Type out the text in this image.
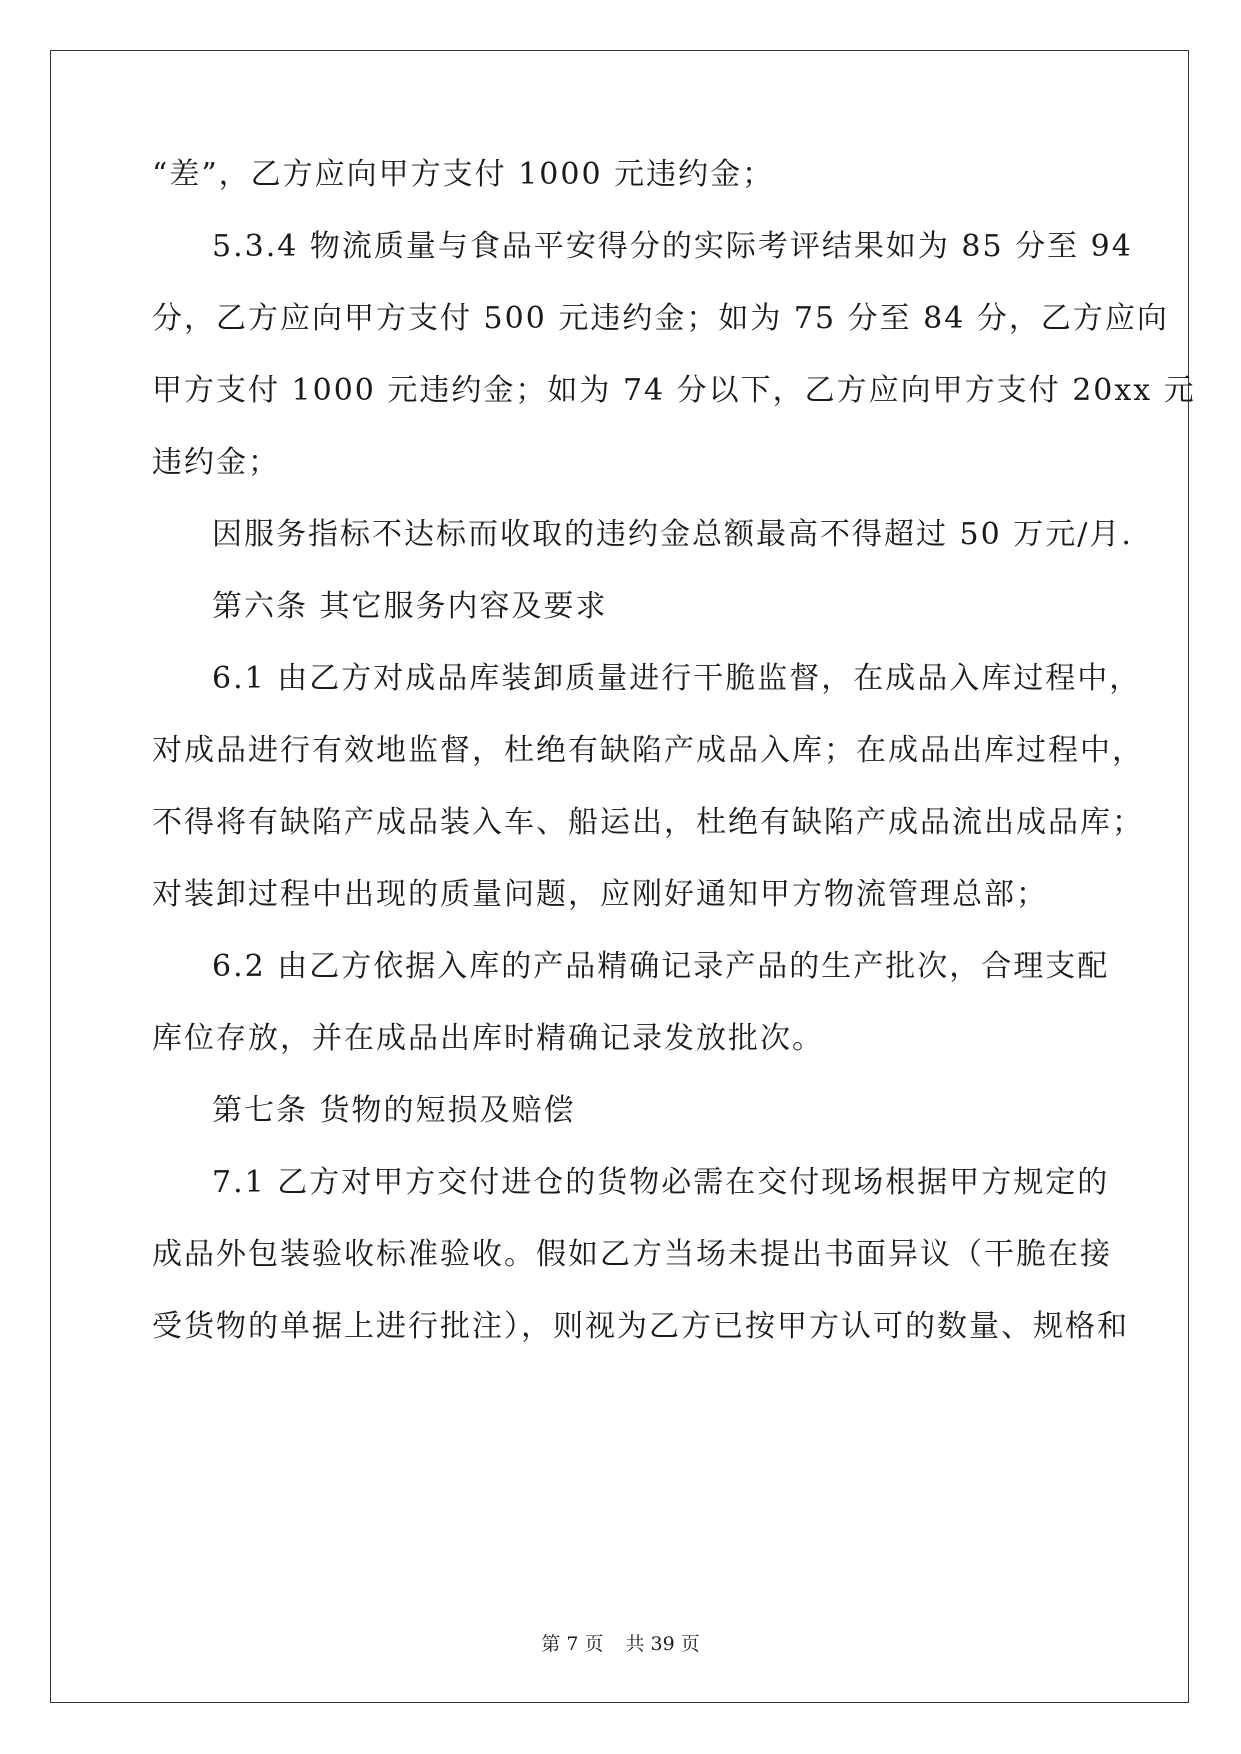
“差”，乙方应向甲方支付 1000 元违约金；
5.3.4 物流质量与食品平安得分的实际考评结果如为 85 分至 94
分，乙方应向甲方支付 500 元违约金；如为 75 分至 84 分，乙方应向
甲方支付 1000 元违约金；如为 74 分以下，乙方应向甲方支付 20xx 元
违约金；
因服务指标不达标而收取的违约金总额最高不得超过 50 万元/月.
第六条 其它服务内容及要求
6.1 由乙方对成品库装卸质量进行干脆监督，在成品入库过程中，
对成品进行有效地监督，杜绝有缺陷产成品入库；在成品出库过程中，
不得将有缺陷产成品装入车、船运出，杜绝有缺陷产成品流出成品库；
对装卸过程中出现的质量问题，应刚好通知甲方物流管理总部；
6.2 由乙方依据入库的产品精确记录产品的生产批次，合理支配
库位存放，并在成品出库时精确记录发放批次。
第七条 货物的短损及赔偿
7.1 乙方对甲方交付进仓的货物必需在交付现场根据甲方规定的
成品外包装验收标准验收。假如乙方当场未提出书面异议（干脆在接
受货物的单据上进行批注），则视为乙方已按甲方认可的数量、规格和
第 7 页 共 39 页
